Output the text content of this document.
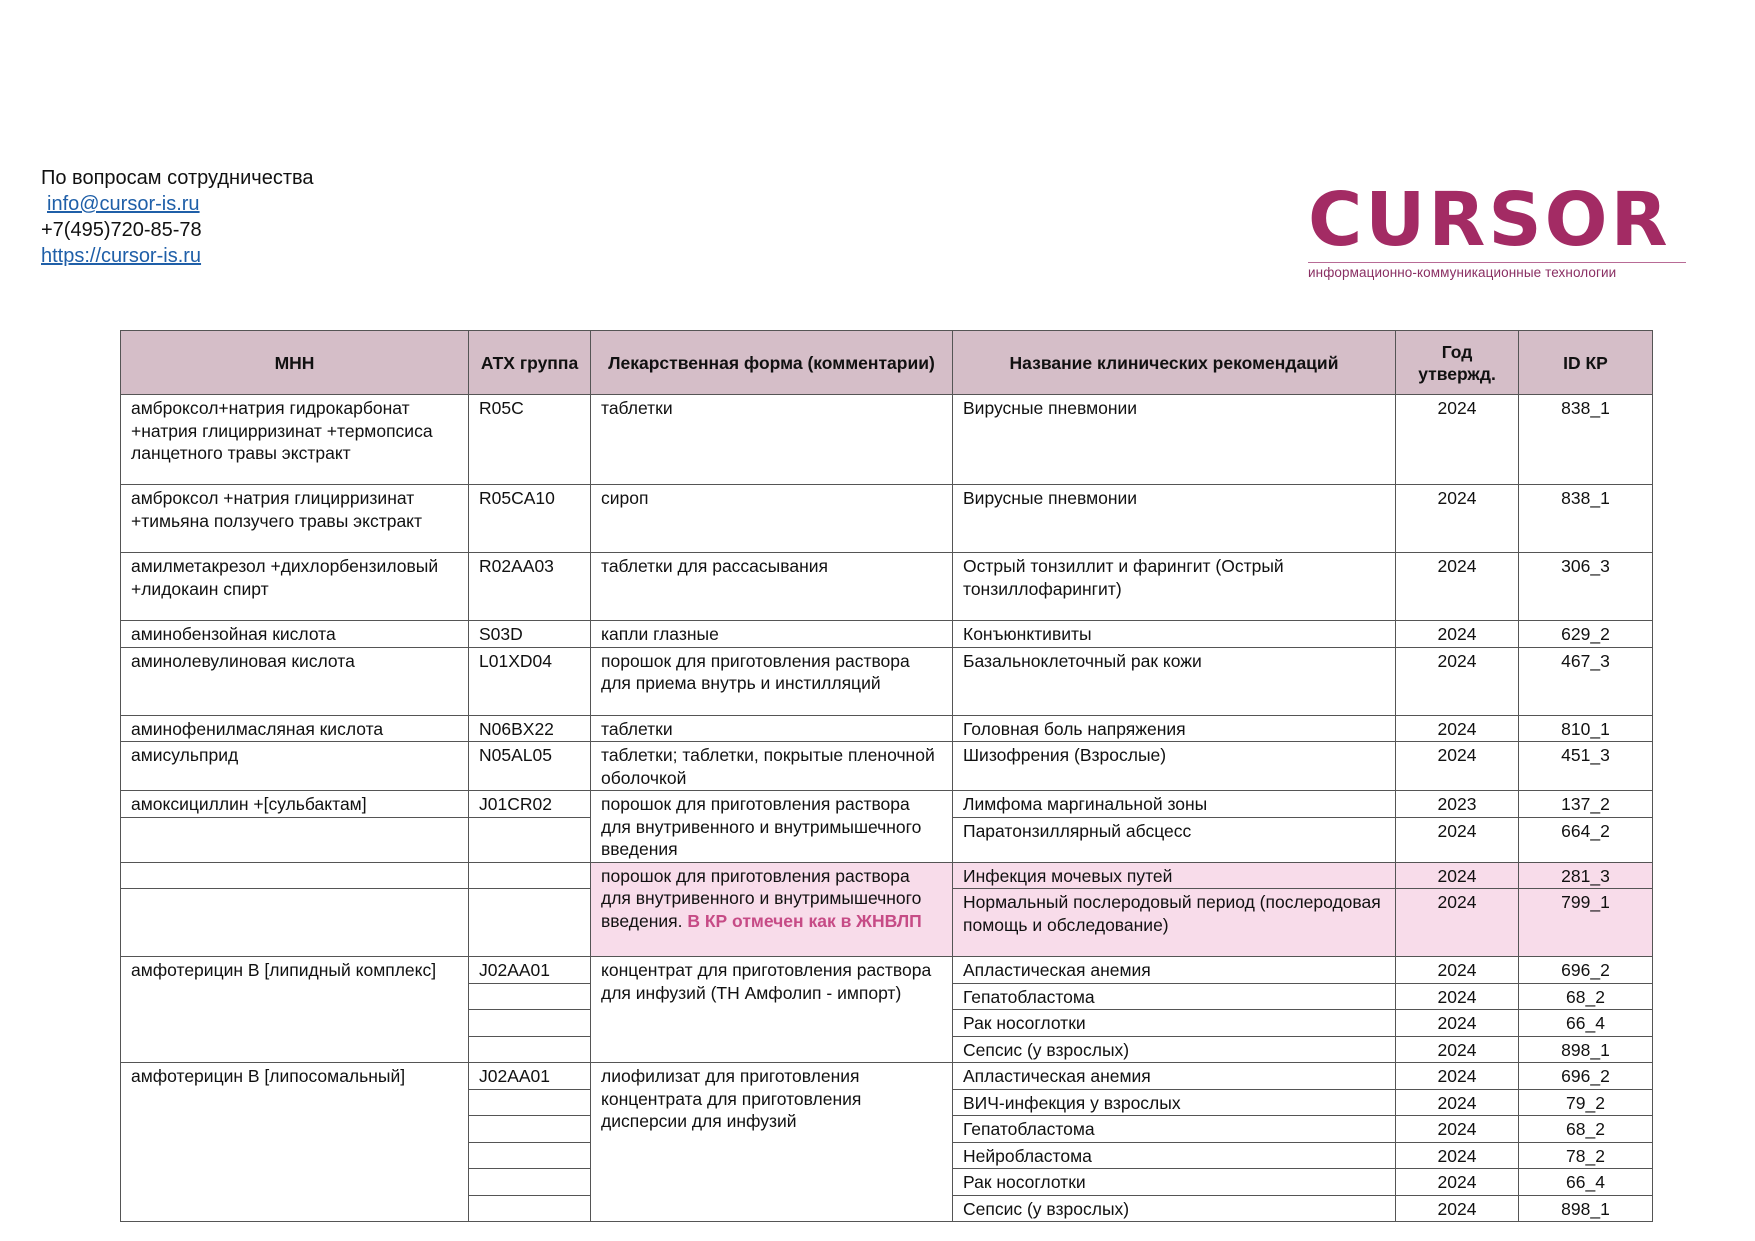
По вопросам сотрудничества
info@cursor-is.ru
+7(495)720-85-78
https://cursor-is.ru	CURSOR
информационно-коммуникационные технологии
МНН	АТХ группа	Лекарственная форма (комментарии)	Название клинических рекомендаций	Год утвержд.	ID КР
амброксол+натрия гидрокарбонат +натрия глицирризинат +термопсиса ланцетного травы экстракт	R05C	таблетки	Вирусные пневмонии	2024	838_1
амброксол +натрия глицирризинат +тимьяна ползучего травы экстракт	R05CA10	сироп	Вирусные пневмонии	2024	838_1
амилметакрезол +дихлорбензиловый +лидокаин спирт	R02AA03	таблетки для рассасывания	Острый тонзиллит и фарингит (Острый тонзиллофарингит)	2024	306_3
аминобензойная кислота	S03D	капли глазные	Конъюнктивиты	2024	629_2
аминолевулиновая кислота	L01XD04	порошок для приготовления раствора для приема внутрь и инстилляций	Базальноклеточный рак кожи	2024	467_3
аминофенилмасляная кислота	N06BX22	таблетки	Головная боль напряжения	2024	810_1
амисульприд	N05AL05	таблетки; таблетки, покрытые пленочной оболочкой	Шизофрения (Взрослые)	2024	451_3
амоксициллин +[сульбактам]	J01CR02	порошок для приготовления раствора для внутривенного и внутримышечного введения	Лимфома маргинальной зоны	2023	137_2
			Паратонзиллярный абсцесс	2024	664_2
		порошок для приготовления раствора для внутривенного и внутримышечного введения. В КР отмечен как в ЖНВЛП	Инфекция мочевых путей	2024	281_3
			Нормальный послеродовый период (послеродовая помощь и обследование)	2024	799_1
амфотерицин B [липидный комплекс]	J02AA01	концентрат для приготовления раствора для инфузий (ТН Амфолип - импорт)	Апластическая анемия	2024	696_2
			Гепатобластома	2024	68_2
			Рак носоглотки	2024	66_4
			Сепсис (у взрослых)	2024	898_1
амфотерицин B [липосомальный]	J02AA01	лиофилизат для приготовления концентрата для приготовления дисперсии для инфузий	Апластическая анемия	2024	696_2
			ВИЧ-инфекция у взрослых	2024	79_2
			Гепатобластома	2024	68_2
			Нейробластома	2024	78_2
			Рак носоглотки	2024	66_4
			Сепсис (у взрослых)	2024	898_1
